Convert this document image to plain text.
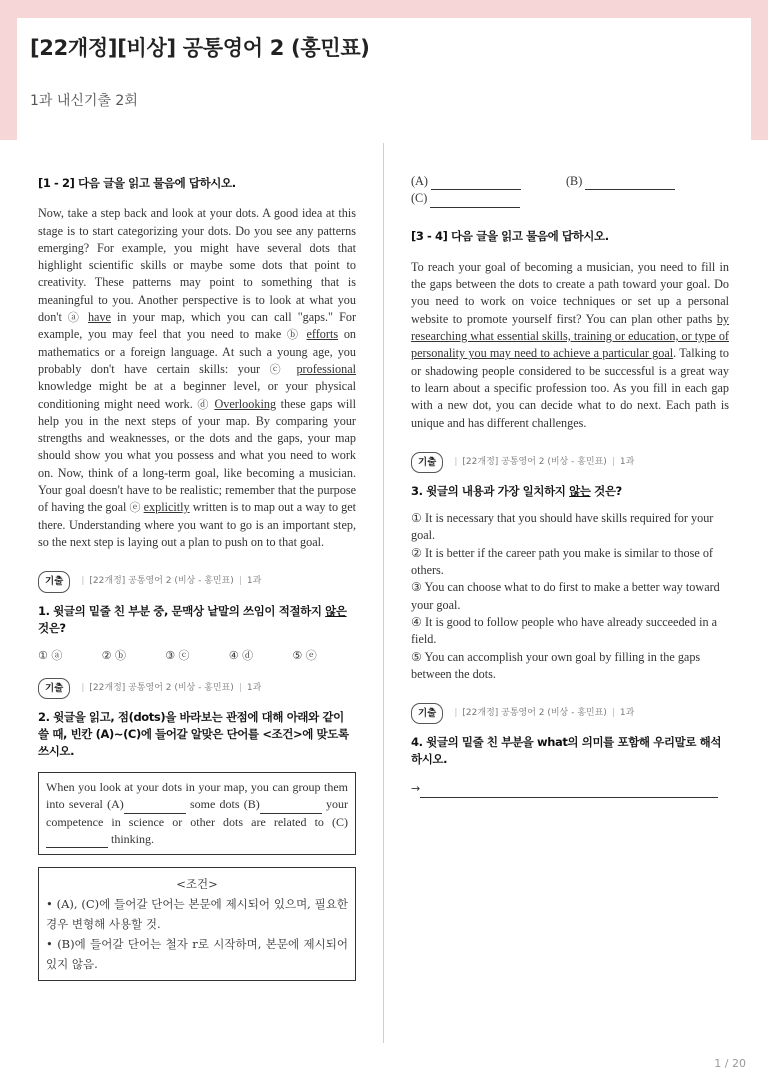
[22개정][비상] 공통영어 2 (홍민표)
1과 내신기출 2회
[1 - 2] 다음 글을 읽고 물음에 답하시오.
Now, take a step back and look at your dots. A good idea at this stage is to start categorizing your dots. Do you see any patterns emerging? For example, you might have several dots that highlight scientific skills or maybe some dots that point to creativity. These patterns may point to something that is meaningful to you. Another perspective is to look at what you don't ⓐ have in your map, which you can call "gaps." For example, you may feel that you need to make ⓑ efforts on mathematics or a foreign language. At such a young age, you probably don't have certain skills: your ⓒ professional knowledge might be at a beginner level, or your physical conditioning might need work. ⓓ Overlooking these gaps will help you in the next steps of your map. By comparing your strengths and weaknesses, or the dots and the gaps, your map should show you what you possess and what you need to work on. Now, think of a long-term goal, like becoming a musician. Your goal doesn't have to be realistic; remember that the purpose of having the goal ⓔ explicitly written is to map out a way to get there. Understanding where you want to go is an important step, so the next step is laying out a plan to push on to that goal.
기출	| [22개정] 공통영어 2 (비상 - 홍민표) | 1과
1. 윗글의 밑줄 친 부분 중, 문맥상 낱말의 쓰임이 적절하지 않은 것은?
① ⓐ	② ⓑ	③ ⓒ	④ ⓓ	⑤ ⓔ
기출	| [22개정] 공통영어 2 (비상 - 홍민표) | 1과
2. 윗글을 읽고, 점(dots)을 바라보는 관점에 대해 아래와 같이 쓸 때, 빈칸 (A)~(C)에 들어갈 알맞은 단어를 <조건>에 맞도록 쓰시오.
When you look at your dots in your map, you can group them into several (A)	some dots (B)	your competence in science or other dots are related to (C) thinking.
<조건>
• (A), (C)에 들어갈 단어는 본문에 제시되어 있으며, 필요한 경우 변형해 사용할 것.
• (B)에 들어갈 단어는 철자 r로 시작하며, 본문에 제시되어 있지 않음.
(A)	(B)
(C)
[3 - 4] 다음 글을 읽고 물음에 답하시오.
To reach your goal of becoming a musician, you need to fill in the gaps between the dots to create a path toward your goal. Do you need to work on voice techniques or set up a personal website to promote yourself first? You can plan other paths by researching what essential skills, training or education, or type of personality you may need to achieve a particular goal. Talking to or shadowing people considered to be successful is a great way to learn about a specific profession too. As you fill in each gap with a new dot, you can decide what to do next. Each path is unique and has different challenges.
기출	| [22개정] 공통영어 2 (비상 - 홍민표) | 1과
3. 윗글의 내용과 가장 일치하지 않는 것은?
① It is necessary that you should have skills required for your goal.
② It is better if the career path you make is similar to those of others.
③ You can choose what to do first to make a better way toward your goal.
④ It is good to follow people who have already succeeded in a field.
⑤ You can accomplish your own goal by filling in the gaps between the dots.
기출	| [22개정] 공통영어 2 (비상 - 홍민표) | 1과
4. 윗글의 밑줄 친 부분을 what의 의미를 포함해 우리말로 해석하시오.
→
1 / 20
